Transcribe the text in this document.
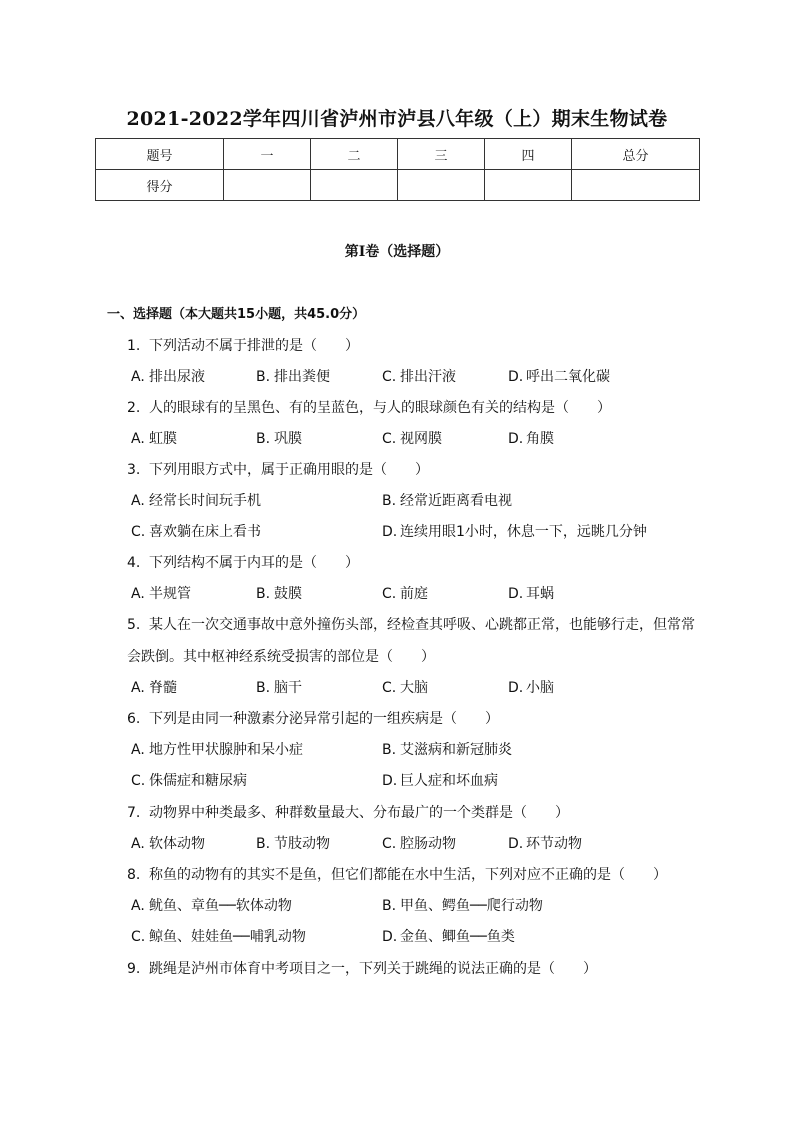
2021-2022学年四川省泸州市泸县八年级（上）期末生物试卷
题号	一	二	三	四	总分
得分					
第I卷（选择题）
一、选择题（本大题共15小题，共45.0分）
1. 下列活动不属于排泄的是（　　）
A. 排出尿液	B. 排出粪便	C. 排出汗液	D. 呼出二氧化碳
2. 人的眼球有的呈黑色、有的呈蓝色，与人的眼球颜色有关的结构是（　　）
A. 虹膜	B. 巩膜	C. 视网膜	D. 角膜
3. 下列用眼方式中，属于正确用眼的是（　　）
A. 经常长时间玩手机	B. 经常近距离看电视
C. 喜欢躺在床上看书	D. 连续用眼1小时，休息一下，远眺几分钟
4. 下列结构不属于内耳的是（　　）
A. 半规管	B. 鼓膜	C. 前庭	D. 耳蜗
5. 某人在一次交通事故中意外撞伤头部，经检查其呼吸、心跳都正常，也能够行走，但常常
会跌倒。其中枢神经系统受损害的部位是（　　）
A. 脊髓	B. 脑干	C. 大脑	D. 小脑
6. 下列是由同一种激素分泌异常引起的一组疾病是（　　）
A. 地方性甲状腺肿和呆小症	B. 艾滋病和新冠肺炎
C. 侏儒症和糖尿病	D. 巨人症和坏血病
7. 动物界中种类最多、种群数量最大、分布最广的一个类群是（　　）
A. 软体动物	B. 节肢动物	C. 腔肠动物	D. 环节动物
8. 称鱼的动物有的其实不是鱼，但它们都能在水中生活，下列对应不正确的是（　　）
A. 鱿鱼、章鱼──软体动物	B. 甲鱼、鳄鱼──爬行动物
C. 鲸鱼、娃娃鱼──哺乳动物	D. 金鱼、鲫鱼──鱼类
9. 跳绳是泸州市体育中考项目之一，下列关于跳绳的说法正确的是（　　）
